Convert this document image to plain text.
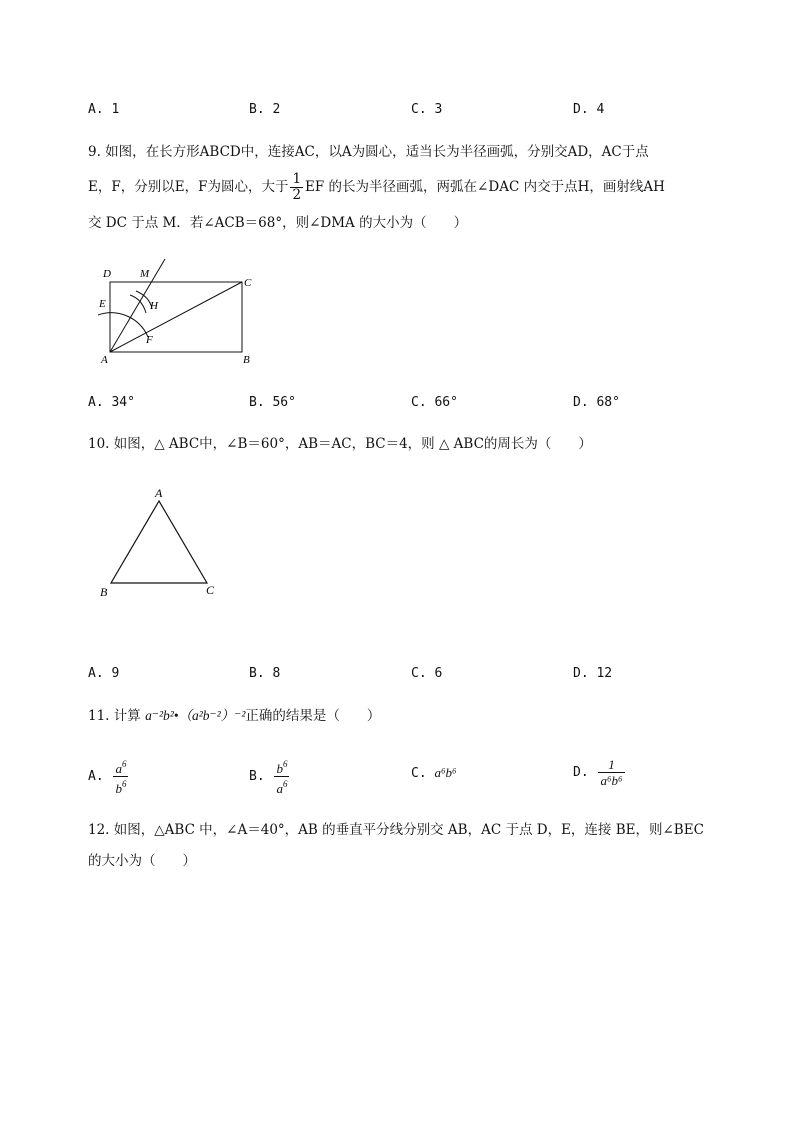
A. 1	B. 2	C. 3	D. 4
9. 如图，在长方形ABCD中，连接AC，以A为圆心，适当长为半径画弧，分别交AD，AC于点
E，F，分别以E，F为圆心，大于 $\frac{1}{2}$ EF 的长为半径画弧，两弧在∠DAC 内交于点H，画射线AH
交 DC 于点 M．若∠ACB＝68°，则∠DMA 的大小为（　　）
D	M
C
E	H
F
A	B
A. 34°	B. 56°	C. 66°	D. 68°
10. 如图，△ ABC中，∠B＝60°，AB＝AC，BC＝4，则 △ ABC的周长为（　　）
A
B	C
A. 9	B. 8	C. 6	D. 12
11. 计算 a⁻²b²•（a²b⁻²）⁻²正确的结果是（　　）
A. $\frac{a^6}{b^6}$	B. $\frac{b^6}{a^6}$	C. a⁶b⁶	D. $\frac{1}{\text{a⁶b⁶}}$
12. 如图，△ABC 中，∠A＝40°，AB 的垂直平分线分别交 AB，AC 于点 D，E，连接 BE，则∠BEC
的大小为（　　）
